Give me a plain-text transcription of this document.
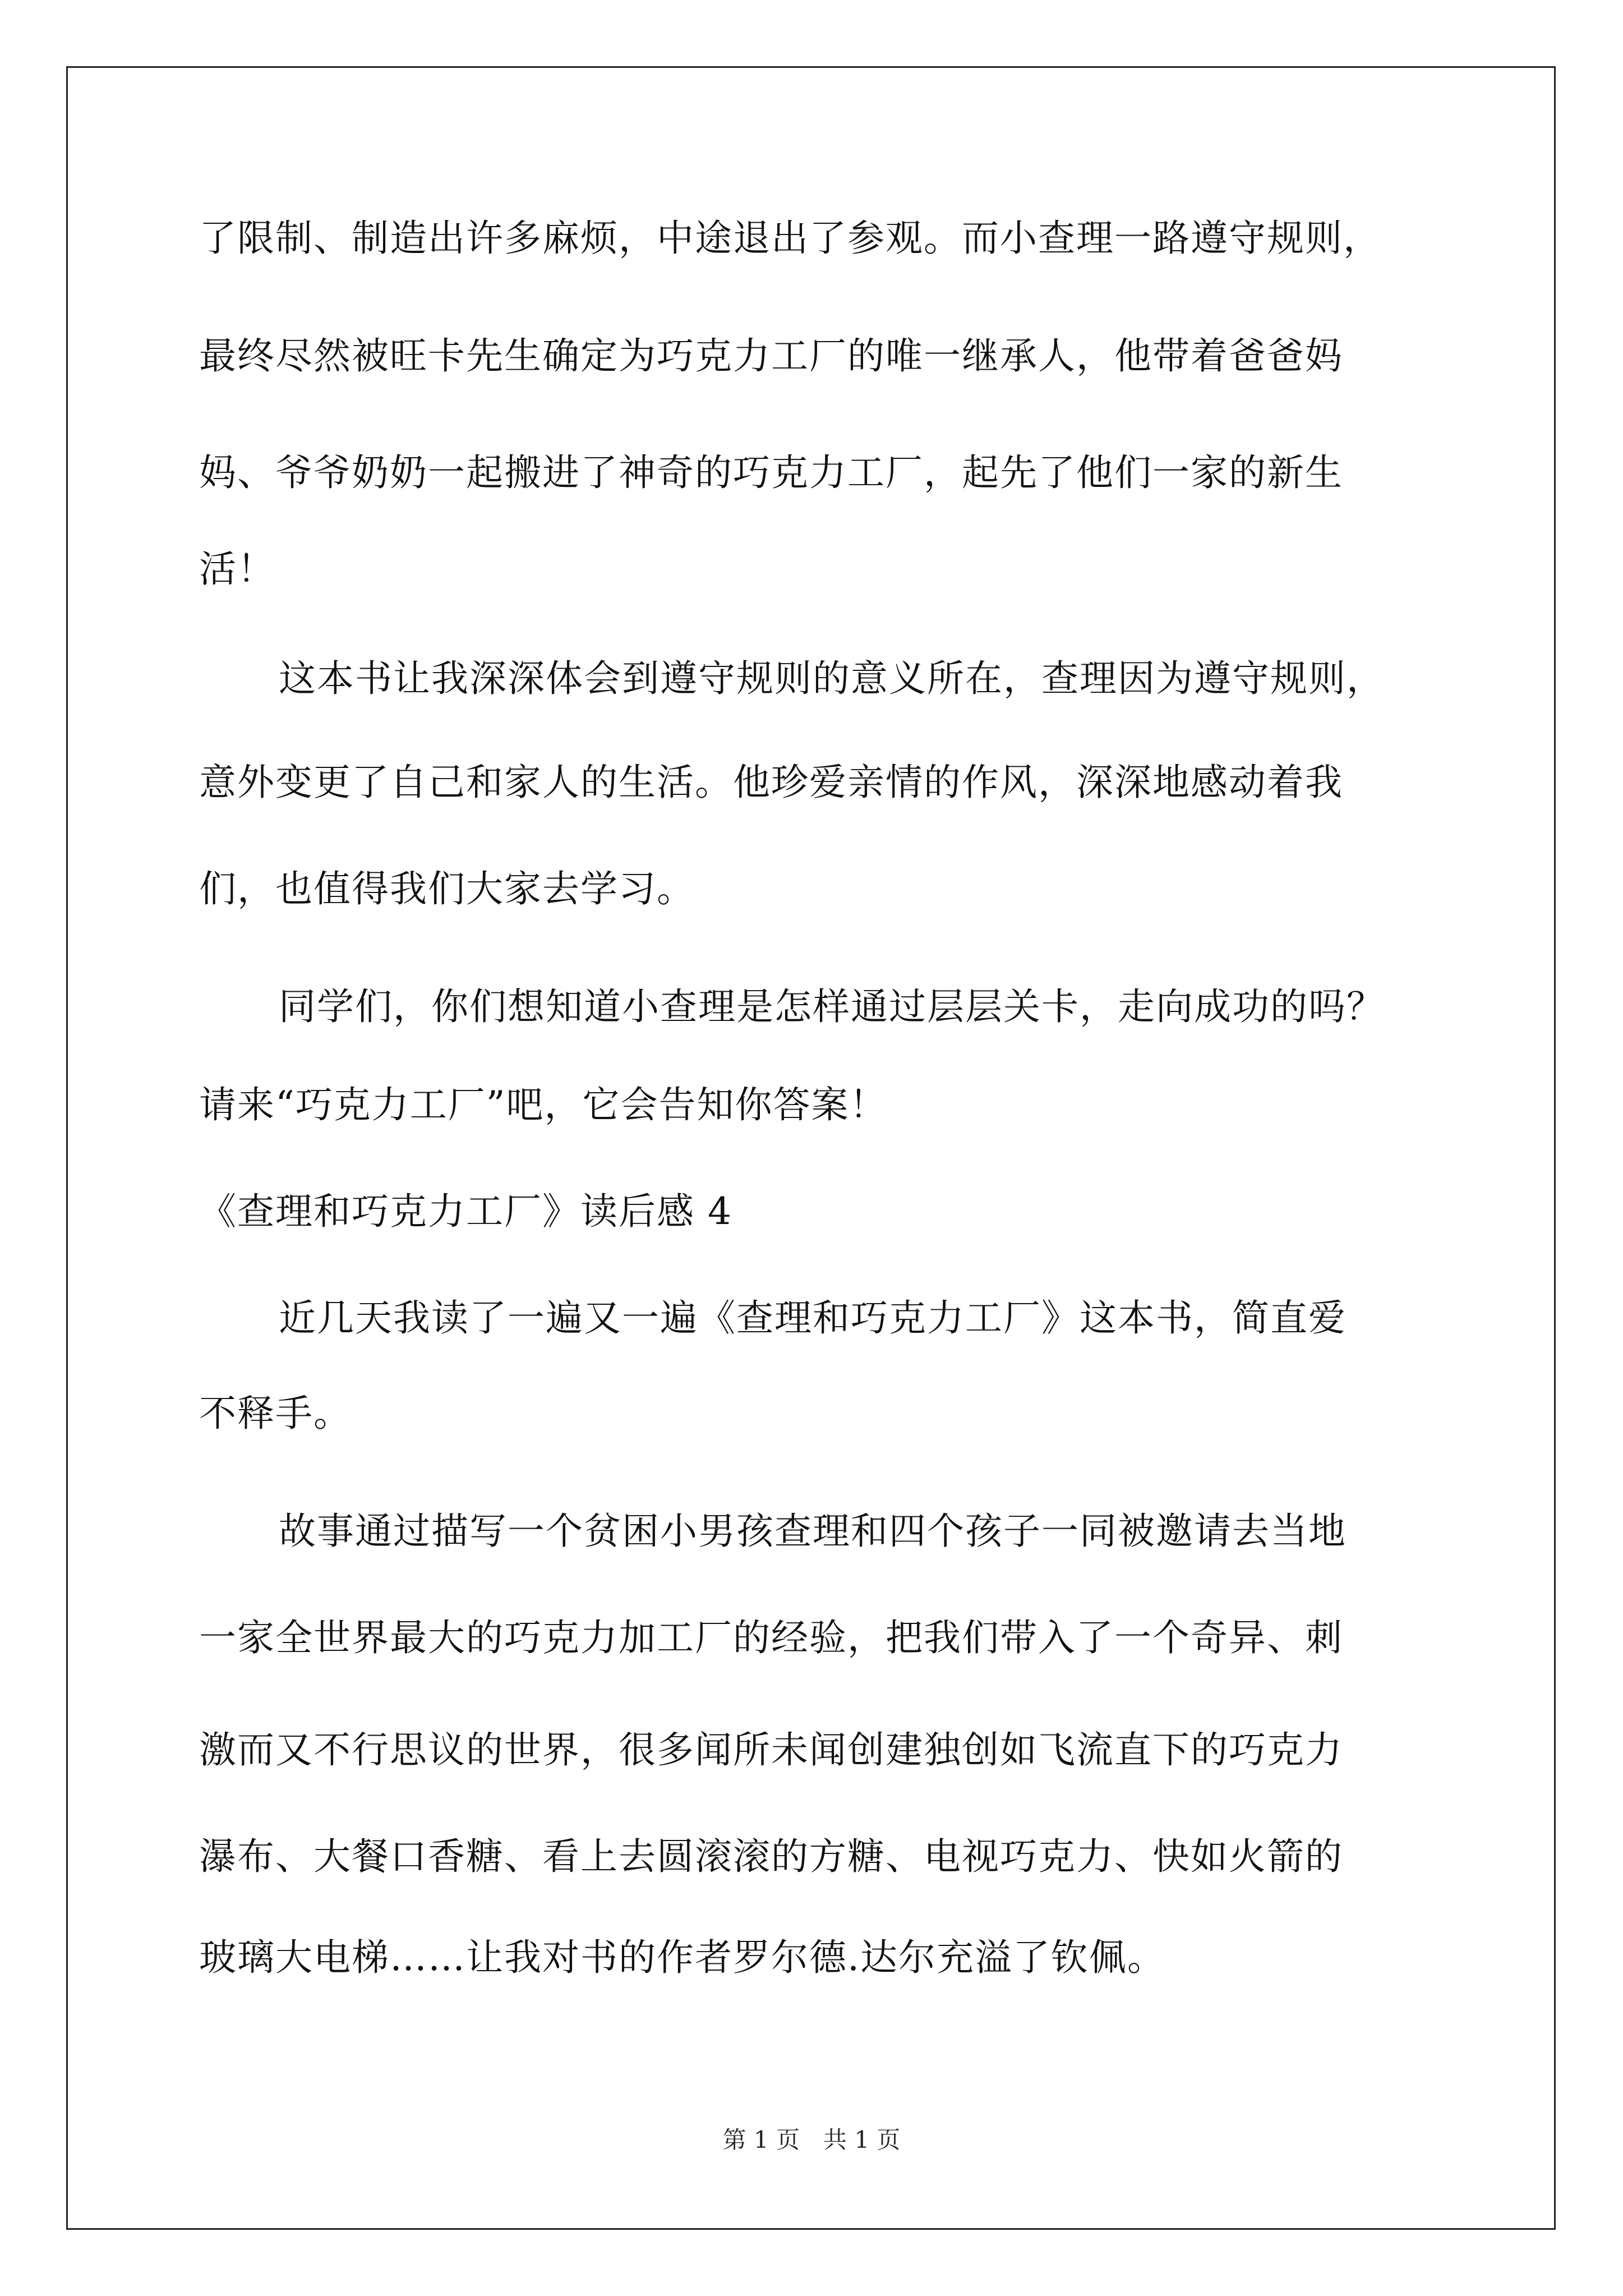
了限制、制造出许多麻烦，中途退出了参观。而小查理一路遵守规则，
最终尽然被旺卡先生确定为巧克力工厂的唯一继承人，他带着爸爸妈
妈、爷爷奶奶一起搬进了神奇的巧克力工厂，起先了他们一家的新生
活！
这本书让我深深体会到遵守规则的意义所在，查理因为遵守规则，
意外变更了自己和家人的生活。他珍爱亲情的作风，深深地感动着我
们，也值得我们大家去学习。
同学们，你们想知道小查理是怎样通过层层关卡，走向成功的吗？
请来“巧克力工厂”吧，它会告知你答案！
《查理和巧克力工厂》读后感 4
近几天我读了一遍又一遍《查理和巧克力工厂》这本书，简直爱
不释手。
故事通过描写一个贫困小男孩查理和四个孩子一同被邀请去当地
一家全世界最大的巧克力加工厂的经验，把我们带入了一个奇异、刺
激而又不行思议的世界，很多闻所未闻创建独创如飞流直下的巧克力
瀑布、大餐口香糖、看上去圆滚滚的方糖、电视巧克力、快如火箭的
玻璃大电梯……让我对书的作者罗尔德.达尔充溢了钦佩。
第 1 页　共 1 页
